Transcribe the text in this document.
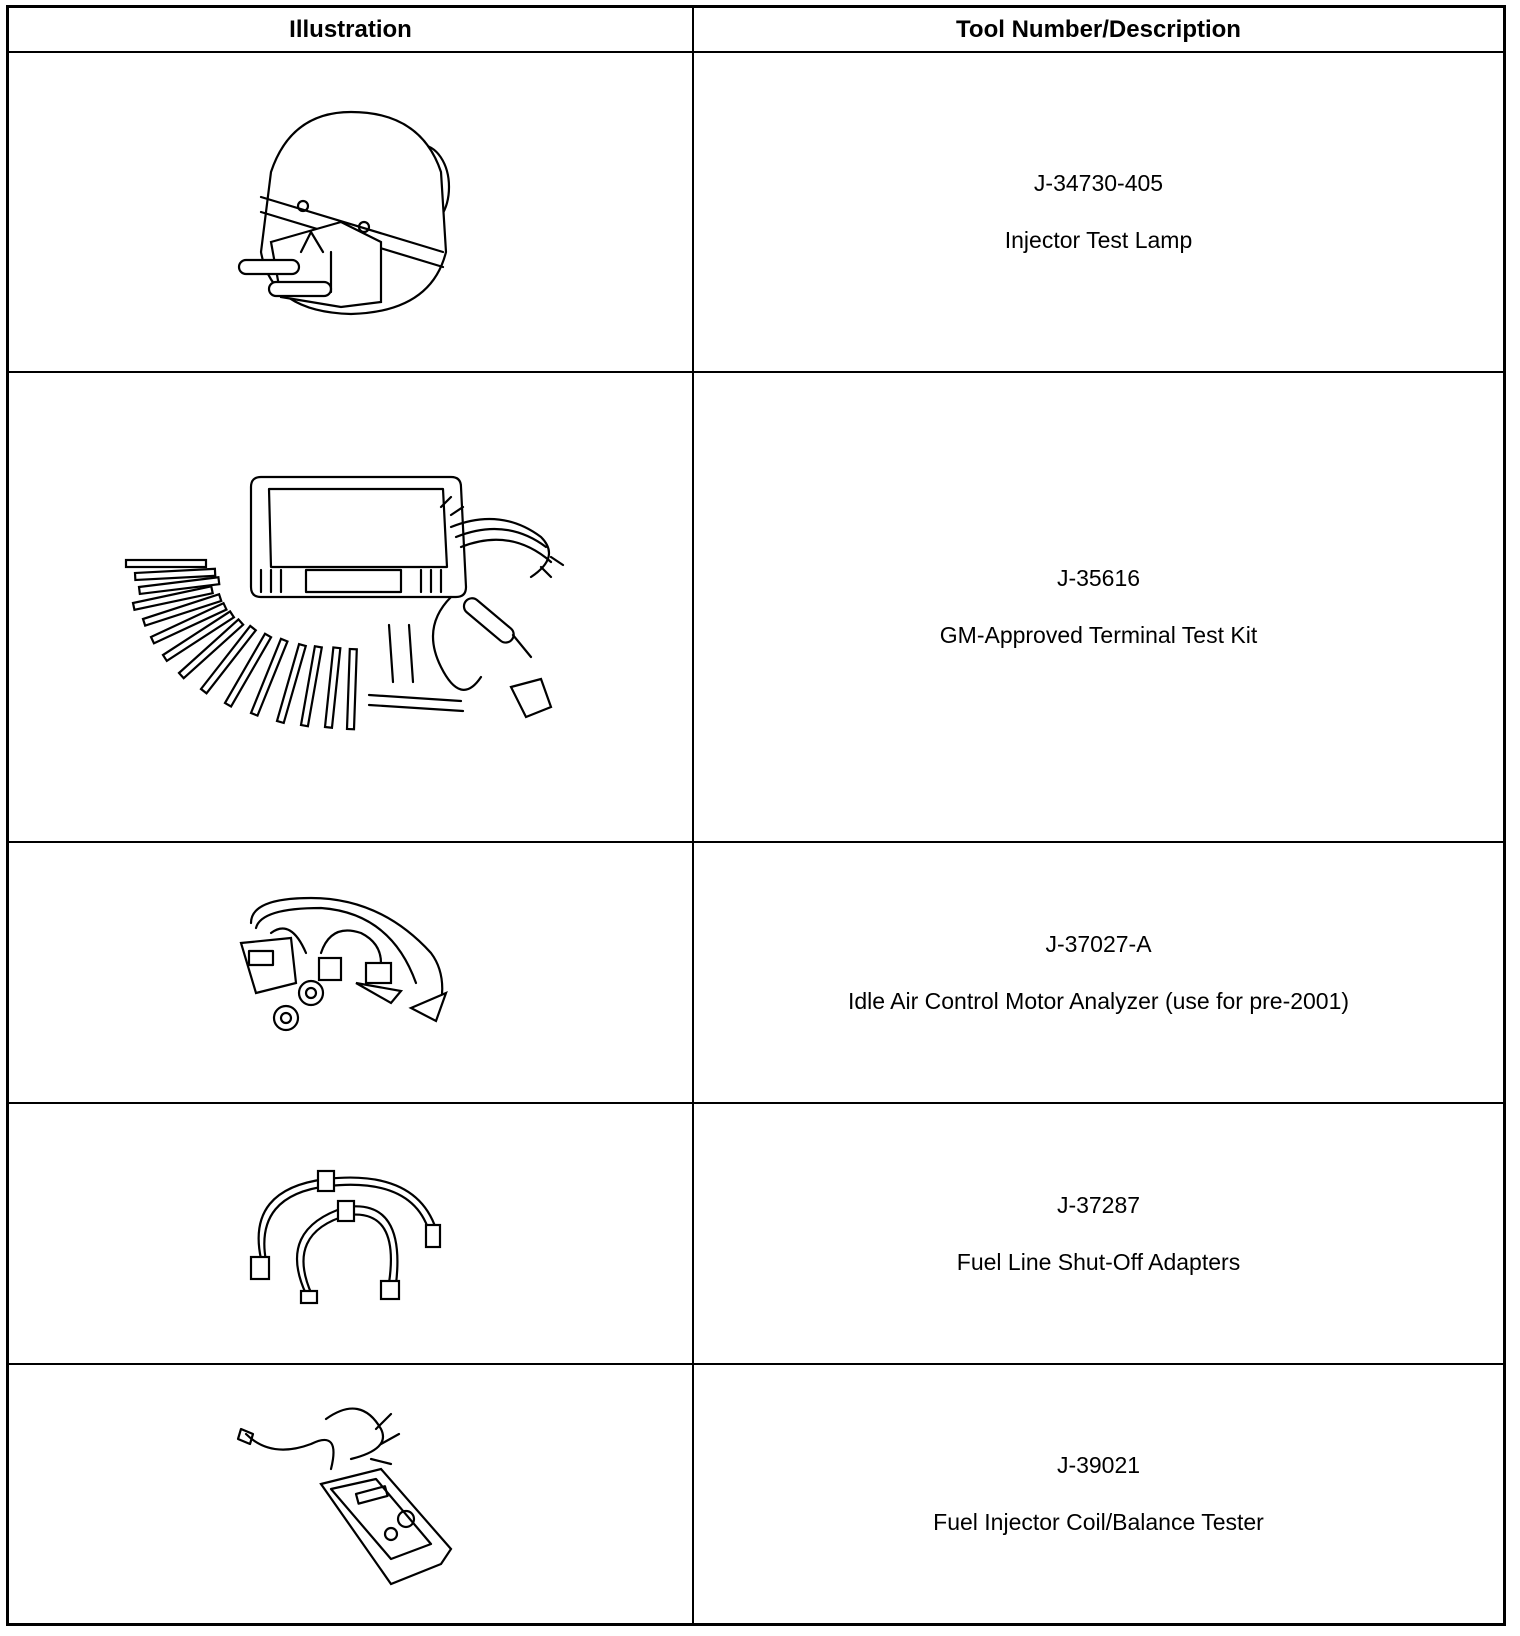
Illustration	Tool Number/Description
J-34730-405
Injector Test Lamp
J-35616
GM-Approved Terminal Test Kit
J-37027-A
Idle Air Control Motor Analyzer (use for pre-2001)
J-37287
Fuel Line Shut-Off Adapters
J-39021
Fuel Injector Coil/Balance Tester
